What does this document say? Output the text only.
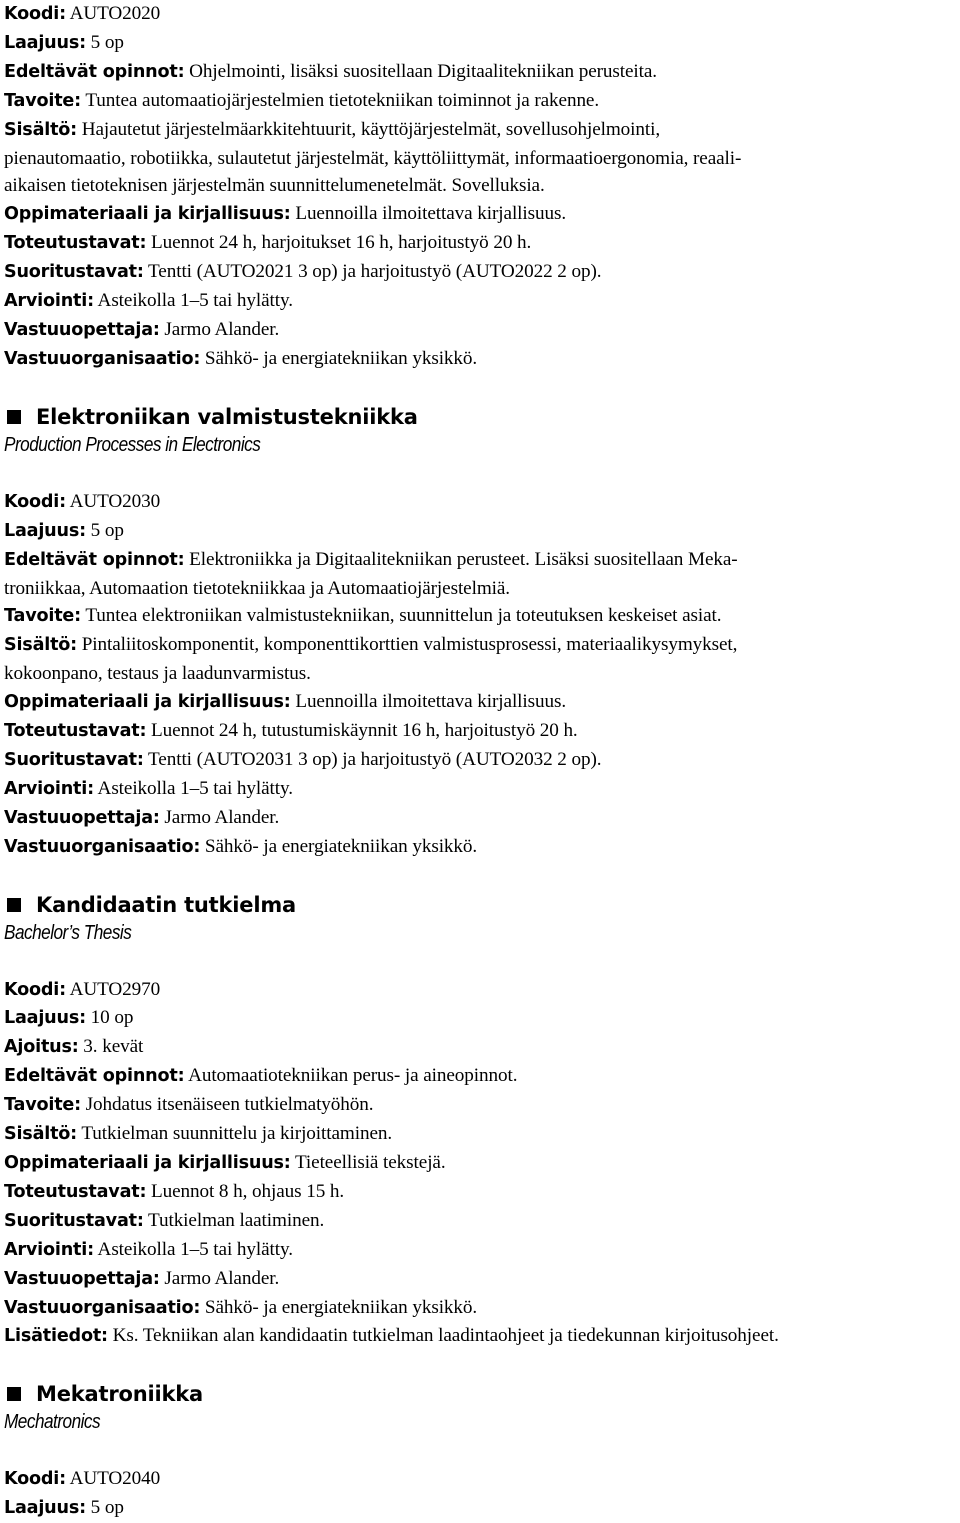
Koodi: AUTO2020
Laajuus: 5 op
Edeltävät opinnot: Ohjelmointi, lisäksi suositellaan Digitaalitekniikan perusteita.
Tavoite: Tuntea automaatiojärjestelmien tietotekniikan toiminnot ja rakenne.
Sisältö: Hajautetut järjestelmäarkkitehtuurit, käyttöjärjestelmät, sovellusohjelmointi,
pienautomaatio, robotiikka, sulautetut järjestelmät, käyttöliittymät, informaatioergonomia, reaali-
aikaisen tietoteknisen järjestelmän suunnittelumenetelmät. Sovelluksia.
Oppimateriaali ja kirjallisuus: Luennoilla ilmoitettava kirjallisuus.
Toteutustavat: Luennot 24 h, harjoitukset 16 h, harjoitustyö 20 h.
Suoritustavat: Tentti (AUTO2021 3 op) ja harjoitustyö (AUTO2022 2 op).
Arviointi: Asteikolla 1–5 tai hylätty.
Vastuuopettaja: Jarmo Alander.
Vastuuorganisaatio: Sähkö- ja energiatekniikan yksikkö.
Elektroniikan valmistustekniikka
Production Processes in Electronics
Koodi: AUTO2030
Laajuus: 5 op
Edeltävät opinnot: Elektroniikka ja Digitaalitekniikan perusteet. Lisäksi suositellaan Meka-
troniikkaa, Automaation tietotekniikkaa ja Automaatiojärjestelmiä.
Tavoite: Tuntea elektroniikan valmistustekniikan, suunnittelun ja toteutuksen keskeiset asiat.
Sisältö: Pintaliitoskomponentit, komponenttikorttien valmistusprosessi, materiaalikysymykset,
kokoonpano, testaus ja laadunvarmistus.
Oppimateriaali ja kirjallisuus: Luennoilla ilmoitettava kirjallisuus.
Toteutustavat: Luennot 24 h, tutustumiskäynnit 16 h, harjoitustyö 20 h.
Suoritustavat: Tentti (AUTO2031 3 op) ja harjoitustyö (AUTO2032 2 op).
Arviointi: Asteikolla 1–5 tai hylätty.
Vastuuopettaja: Jarmo Alander.
Vastuuorganisaatio: Sähkö- ja energiatekniikan yksikkö.
Kandidaatin tutkielma
Bachelor’s Thesis
Koodi: AUTO2970
Laajuus: 10 op
Ajoitus: 3. kevät
Edeltävät opinnot: Automaatiotekniikan perus- ja aineopinnot.
Tavoite: Johdatus itsenäiseen tutkielmatyöhön.
Sisältö: Tutkielman suunnittelu ja kirjoittaminen.
Oppimateriaali ja kirjallisuus: Tieteellisiä tekstejä.
Toteutustavat: Luennot 8 h, ohjaus 15 h.
Suoritustavat: Tutkielman laatiminen.
Arviointi: Asteikolla 1–5 tai hylätty.
Vastuuopettaja: Jarmo Alander.
Vastuuorganisaatio: Sähkö- ja energiatekniikan yksikkö.
Lisätiedot: Ks. Tekniikan alan kandidaatin tutkielman laadintaohjeet ja tiedekunnan kirjoitusohjeet.
Mekatroniikka
Mechatronics
Koodi: AUTO2040
Laajuus: 5 op
